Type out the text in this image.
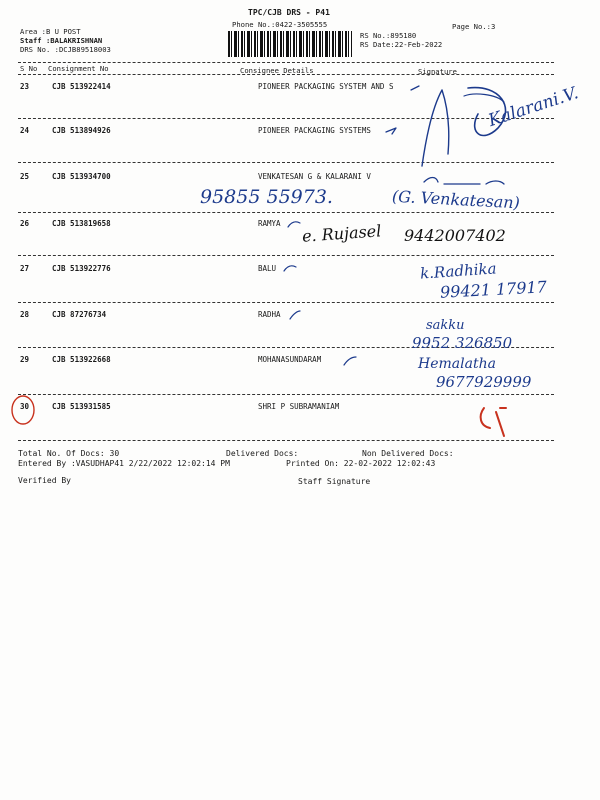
TPC/CJB DRS - P41
Phone No.:0422-3505555	Page No.:3
Area :B U POST
Staff :BALAKRISHNAN
DRS No. :DCJB89518003
RS No.:895180
RS Date:22-Feb-2022
S No Consignment No	Consignee Details	Signature
23	CJB 513922414	PIONEER PACKAGING SYSTEM AND S
24	CJB 513894926	PIONEER PACKAGING SYSTEMS
25	CJB 513934700	VENKATESAN G & KALARANI V
26	CJB 513819658	RAMYA
27	CJB 513922776	BALU
28	CJB 87276734	RADHA
29	CJB 513922668	MOHANASUNDARAM
30	CJB 513931585	SHRI P SUBRAMANIAM
Total No. Of Docs: 30	Delivered Docs:	Non Delivered Docs:
Entered By :VASUDHAP41 2/22/2022 12:02:14 PM	Printed On: 22-02-2022 12:02:43
Verified By	Staff Signature
Kalarani.V.
95855 55973.	(G. Venkatesan)
e. Rujasel 9442007402
k.Radhika
99421 17917
sakku
9952 326850
Hemalatha
9677929999
